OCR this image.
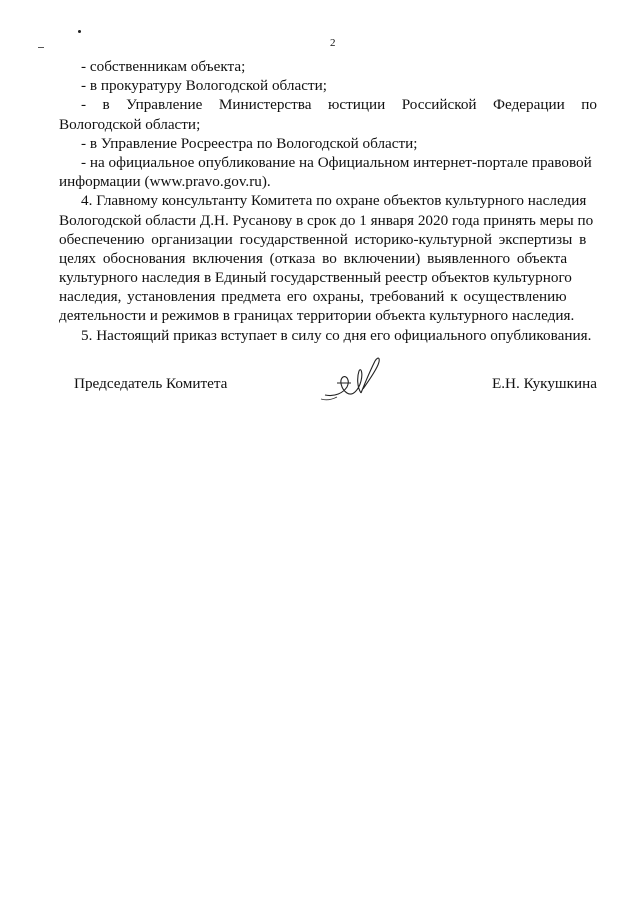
2
- собственникам объекта;
- в прокуратуру Вологодской области;
- в Управление Министерства юстиции Российской Федерации по
Вологодской области;
- в Управление Росреестра по Вологодской области;
- на официальное опубликование на Официальном интернет-портале правовой
информации (www.pravo.gov.ru).
4. Главному консультанту Комитета по охране объектов культурного наследия
Вологодской области Д.Н. Русанову в срок до 1 января 2020 года принять меры по
обеспечению организации государственной историко-культурной экспертизы в
целях обоснования включения (отказа во включении) выявленного объекта
культурного наследия в Единый государственный реестр объектов культурного
наследия, установления предмета его охраны, требований к осуществлению
деятельности и режимов в границах территории объекта культурного наследия.
5. Настоящий приказ вступает в силу со дня его официального опубликования.
Председатель Комитета	Е.Н. Кукушкина
